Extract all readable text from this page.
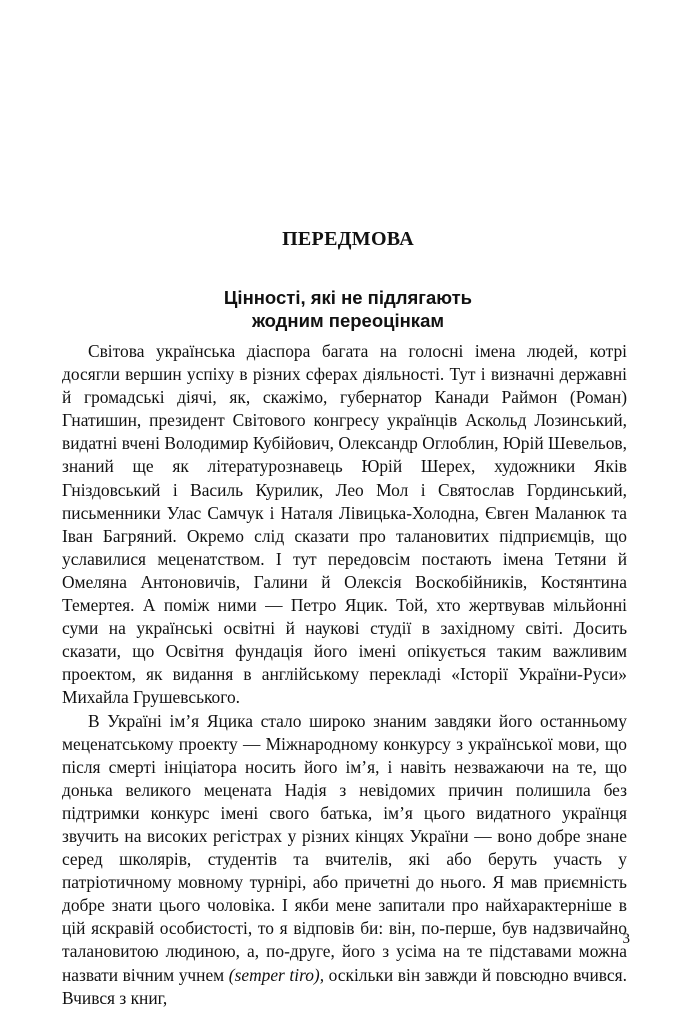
ПЕРЕДМОВА
Цінності, які не підлягають
жодним переоцінкам

Світова українська діаспора багата на голосні імена людей, котрі досягли вершин успіху в різних сферах діяльності. Тут і визначні державні й громадські діячі, як, скажімо, губернатор Канади Раймон (Роман) Гнатишин, президент Світового конгресу українців Аскольд Лозинський, видатні вчені Володимир Кубійович, Олександр Оглоблин, Юрій Шевельов, знаний ще як літературознавець Юрій Шерех, художники Яків Гніздовський і Василь Курилик, Лео Мол і Святослав Гординський, письменники Улас Самчук і Наталя Лівицька-Холодна, Євген Маланюк та Іван Багряний. Окремо слід сказати про талановитих підприємців, що уславилися меценатством. І тут передовсім постають імена Тетяни й Омеляна Антоновичів, Галини й Олексія Воскобійників, Костянтина Темертея. А поміж ними — Петро Яцик. Той, хто жертвував мільйонні суми на українські освітні й наукові студії в західному світі. Досить сказати, що Освітня фундація його імені опікується таким важливим проектом, як видання в англійському перекладі «Історії України-Руси» Михайла Грушевського.

В Україні ім’я Яцика стало широко знаним завдяки його останньому меценатському проекту — Міжнародному конкурсу з української мови, що після смерті ініціатора носить його ім’я, і навіть незважаючи на те, що донька великого мецената Надія з невідомих причин полишила без підтримки конкурс імені свого батька, ім’я цього видатного українця звучить на високих регістрах у різних кінцях України — воно добре знане серед школярів, студентів та вчителів, які або беруть участь у патріотичному мовному турнірі, або причетні до нього. Я мав приємність добре знати цього чоловіка. І якби мене запитали про найхарактерніше в цій яскравій особистості, то я відповів би: він, по-перше, був надзвичайно талановитою людиною, а, по-друге, його з усіма на те підставами можна назвати вічним учнем (semper tiro), оскільки він завжди й повсюдно вчився. Вчився з книг,

3
